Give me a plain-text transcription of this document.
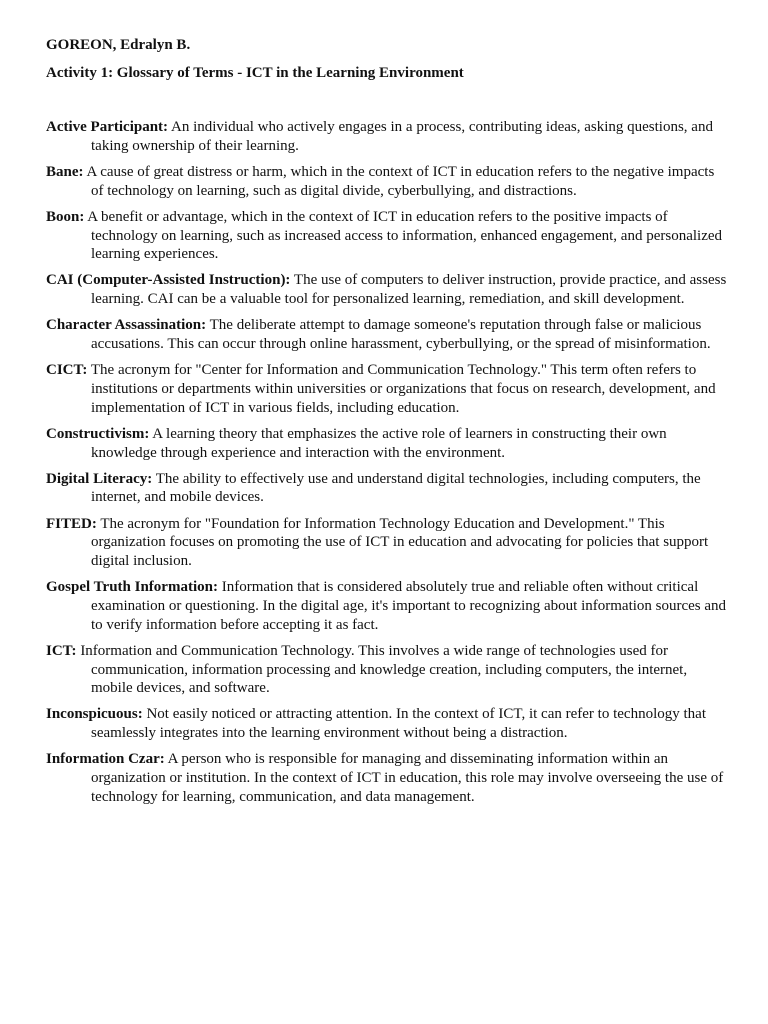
GOREON, Edralyn B.
Activity 1: Glossary of Terms - ICT in the Learning Environment

Active Participant: An individual who actively engages in a process, contributing ideas, asking questions, and taking ownership of their learning.

Bane: A cause of great distress or harm, which in the context of ICT in education refers to the negative impacts of technology on learning, such as digital divide, cyberbullying, and distractions.

Boon: A benefit or advantage, which in the context of ICT in education refers to the positive impacts of technology on learning, such as increased access to information, enhanced engagement, and personalized learning experiences.

CAI (Computer-Assisted Instruction): The use of computers to deliver instruction, provide practice, and assess learning. CAI can be a valuable tool for personalized learning, remediation, and skill development.

Character Assassination: The deliberate attempt to damage someone's reputation through false or malicious accusations. This can occur through online harassment, cyberbullying, or the spread of misinformation.

CICT: The acronym for "Center for Information and Communication Technology." This term often refers to institutions or departments within universities or organizations that focus on research, development, and implementation of ICT in various fields, including education.

Constructivism: A learning theory that emphasizes the active role of learners in constructing their own knowledge through experience and interaction with the environment.

Digital Literacy: The ability to effectively use and understand digital technologies, including computers, the internet, and mobile devices.

FITED: The acronym for "Foundation for Information Technology Education and Development." This organization focuses on promoting the use of ICT in education and advocating for policies that support digital inclusion.

Gospel Truth Information: Information that is considered absolutely true and reliable often without critical examination or questioning. In the digital age, it's important to recognizing about information sources and to verify information before accepting it as fact.

ICT: Information and Communication Technology. This involves a wide range of technologies used for communication, information processing and knowledge creation, including computers, the internet, mobile devices, and software.

Inconspicuous: Not easily noticed or attracting attention. In the context of ICT, it can refer to technology that seamlessly integrates into the learning environment without being a distraction.

Information Czar: A person who is responsible for managing and disseminating information within an organization or institution. In the context of ICT in education, this role may involve overseeing the use of technology for learning, communication, and data management.
